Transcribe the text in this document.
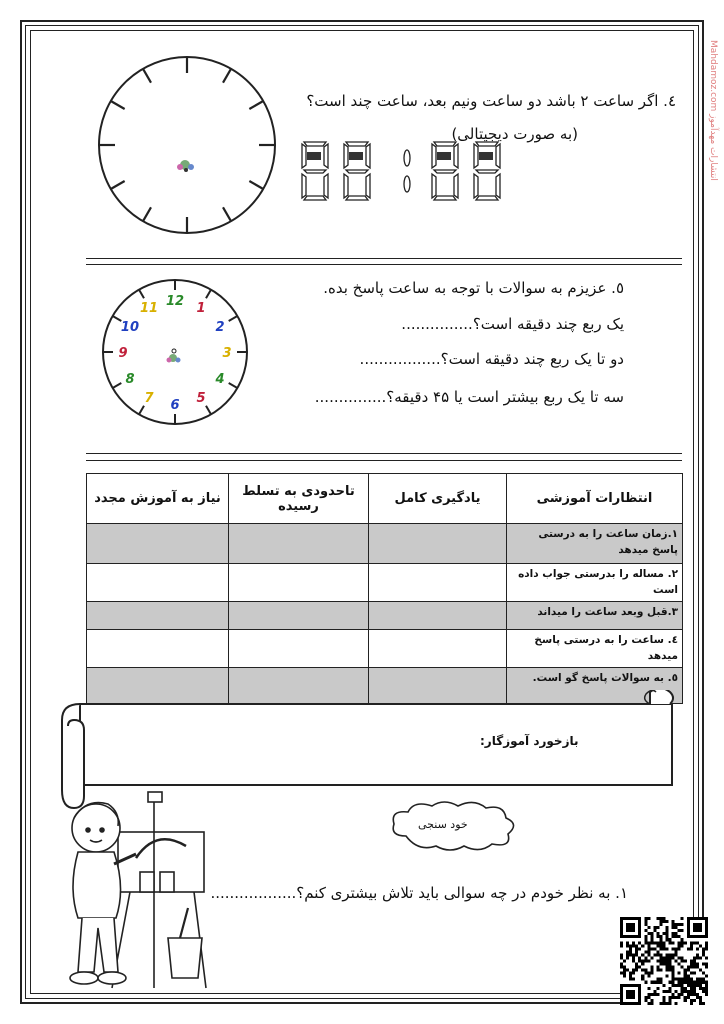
Mahdamoz.com انتشارات مهدآموز
٤. اگر ساعت ٢ باشد دو ساعت ونیم بعد، ساعت چند است؟
(به صورت دیجیتالی)
12 1
2
3
4
5
6
7
8
9
10
11
٥. عزیزم به سوالات با توجه به ساعت پاسخ بده.
یک ربع چند دقیقه است؟...............
دو تا یک ربع چند دقیقه است؟.................
سه تا یک ربع بیشتر است یا ۴۵ دقیقه؟...............
انتظارات آموزشی	یادگیری کامل	تاحدودی به تسلط رسیده	نیاز به آموزش مجدد
١.زمان ساعت را به درستی پاسخ میدهد			
٢. مساله را بدرستی جواب داده است			
٣.قبل وبعد ساعت را میداند			
٤. ساعت را به درستی پاسخ میدهد			
٥. به سوالات پاسخ گو است.			
بازخورد آموزگار:
خود سنجی
١. به نظر خودم در چه سوالی باید تلاش بیشتری کنم؟..................
